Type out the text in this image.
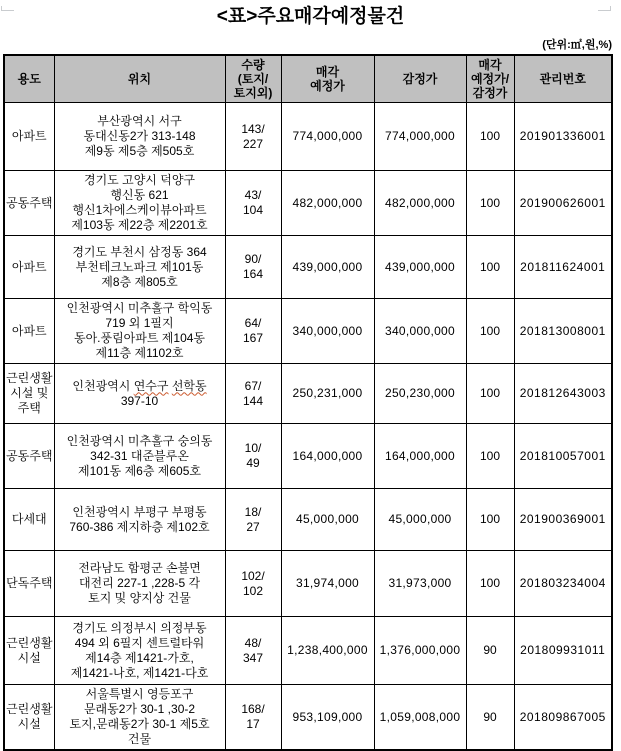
<표>주요매각예정물건
(단위:㎡,원,%)
용도	위치	수량
(토지/
토지외)	매각
예정가	감정가	매각
예정가/
감정가	관리번호
아파트	부산광역시 서구
동대신동2가 313-148
제9동 제5층 제505호	143/
227	774,000,000	774,000,000	100	201901336001
공동주택	경기도 고양시 덕양구
행신동 621
행신1차에스케이뷰아파트
제103동 제22층 제2201호	43/
104	482,000,000	482,000,000	100	201900626001
아파트	경기도 부천시 삼정동 364
부천테크노파크 제101동
제8층 제805호	90/
164	439,000,000	439,000,000	100	201811624001
아파트	인천광역시 미추홀구 학익동
719 외 1필지
동아.풍림아파트 제104동
제11층 제1102호	64/
167	340,000,000	340,000,000	100	201813008001
근린생활
시설 및
주택	인천광역시 연수구 선학동
397-10	67/
144	250,231,000	250,230,000	100	201812643003
공동주택	인천광역시 미추홀구 숭의동
342-31 대준블루온
제101동 제6층 제605호	10/
49	164,000,000	164,000,000	100	201810057001
다세대	인천광역시 부평구 부평동
760-386 제지하층 제102호	18/
27	45,000,000	45,000,000	100	201900369001
단독주택	전라남도 함평군 손불면
대전리 227-1 ,228-5 각
토지 및 양지상 건물	102/
102	31,974,000	31,973,000	100	201803234004
근린생활
시설	경기도 의정부시 의정부동
494 외 6필지 센트럴타워
제14층 제1421-가호,
제1421-나호, 제1421-다호	48/
347	1,238,400,000	1,376,000,000	90	201809931011
근린생활
시설	서울특별시 영등포구
문래동2가 30-1 ,30-2
토지,문래동2가 30-1 제5호
건물	168/
17	953,109,000	1,059,008,000	90	201809867005
